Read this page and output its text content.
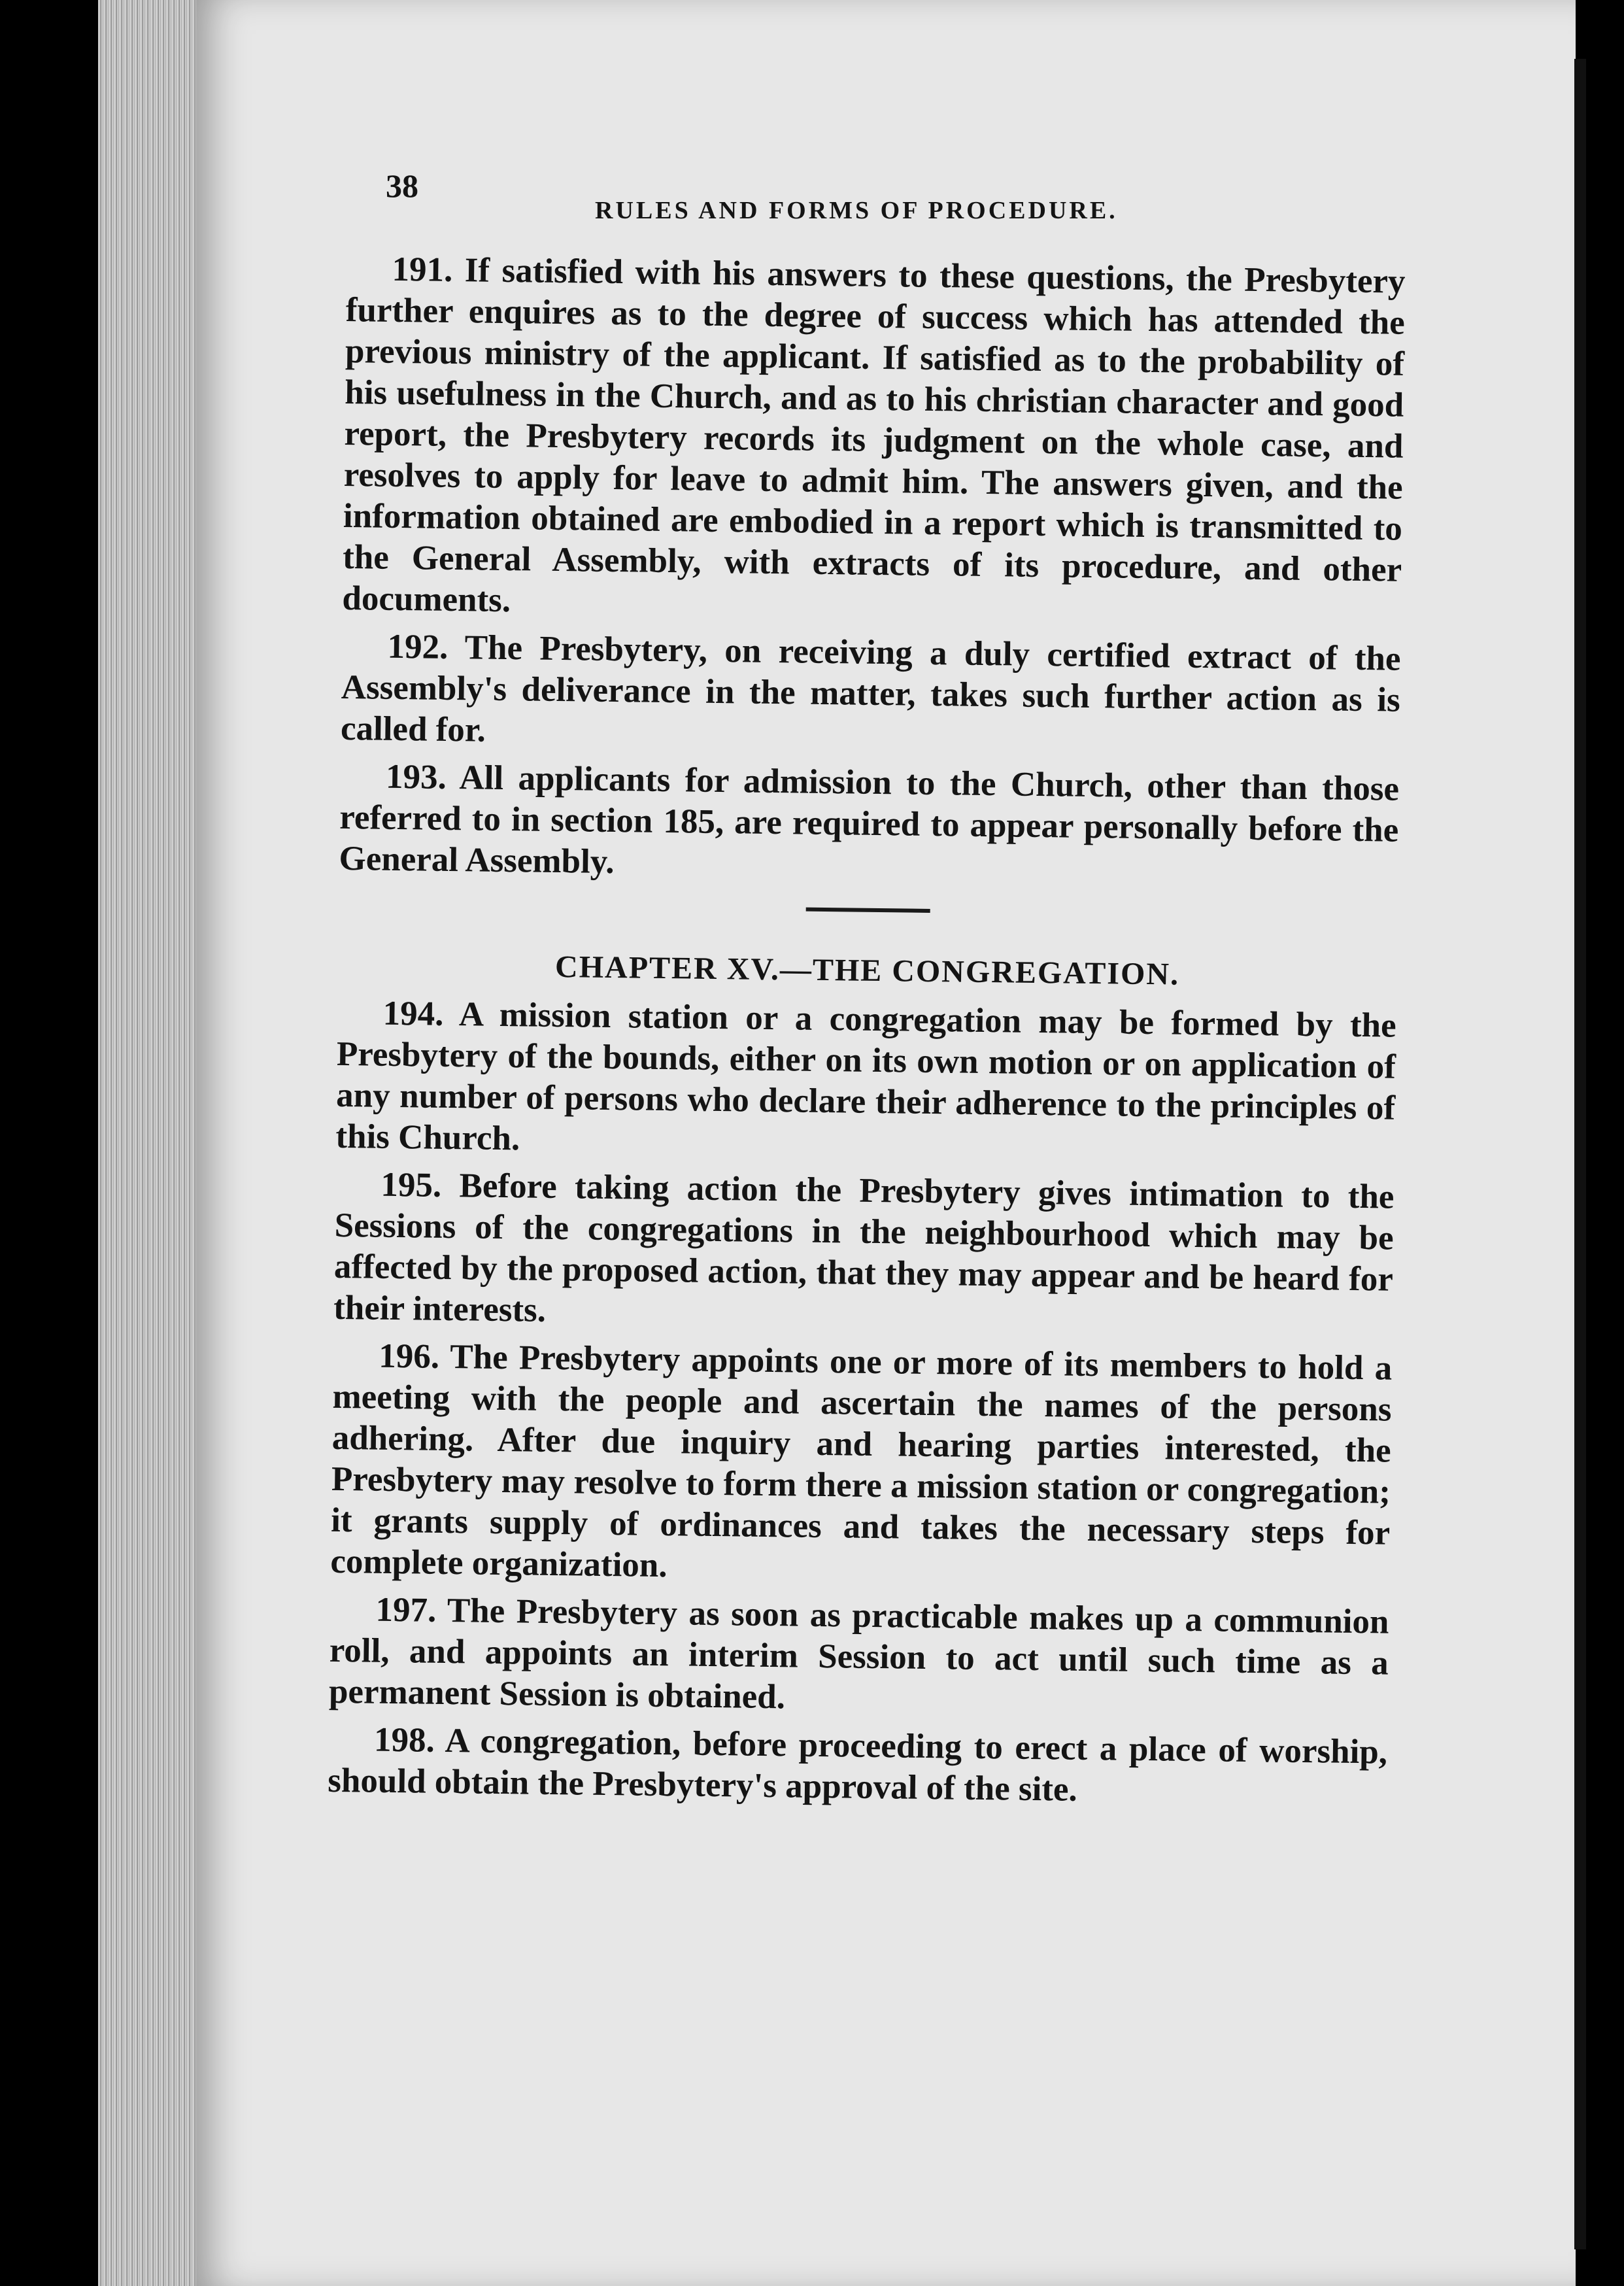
38
RULES AND FORMS OF PROCEDURE.

191. If satisfied with his answers to these questions, the Presbytery further enquires as to the degree of success which has attended the previous ministry of the applicant. If satisfied as to the probability of his usefulness in the Church, and as to his christian character and good report, the Presbytery records its judgment on the whole case, and resolves to apply for leave to admit him. The answers given, and the information obtained are embodied in a report which is transmitted to the General Assembly, with extracts of its procedure, and other documents.

192. The Presbytery, on receiving a duly certified extract of the Assembly's deliverance in the matter, takes such further action as is called for.

193. All applicants for admission to the Church, other than those referred to in section 185, are required to appear personally before the General Assembly.

CHAPTER XV.—THE CONGREGATION.

194. A mission station or a congregation may be formed by the Presbytery of the bounds, either on its own motion or on application of any number of persons who declare their adherence to the principles of this Church.

195. Before taking action the Presbytery gives intimation to the Sessions of the congregations in the neighbourhood which may be affected by the proposed action, that they may appear and be heard for their interests.

196. The Presbytery appoints one or more of its members to hold a meeting with the people and ascertain the names of the persons adhering. After due inquiry and hearing parties interested, the Presbytery may resolve to form there a mission station or congregation; it grants supply of ordinances and takes the necessary steps for complete organization.

197. The Presbytery as soon as practicable makes up a communion roll, and appoints an interim Session to act until such time as a permanent Session is obtained.

198. A congregation, before proceeding to erect a place of worship, should obtain the Presbytery's approval of the site.
